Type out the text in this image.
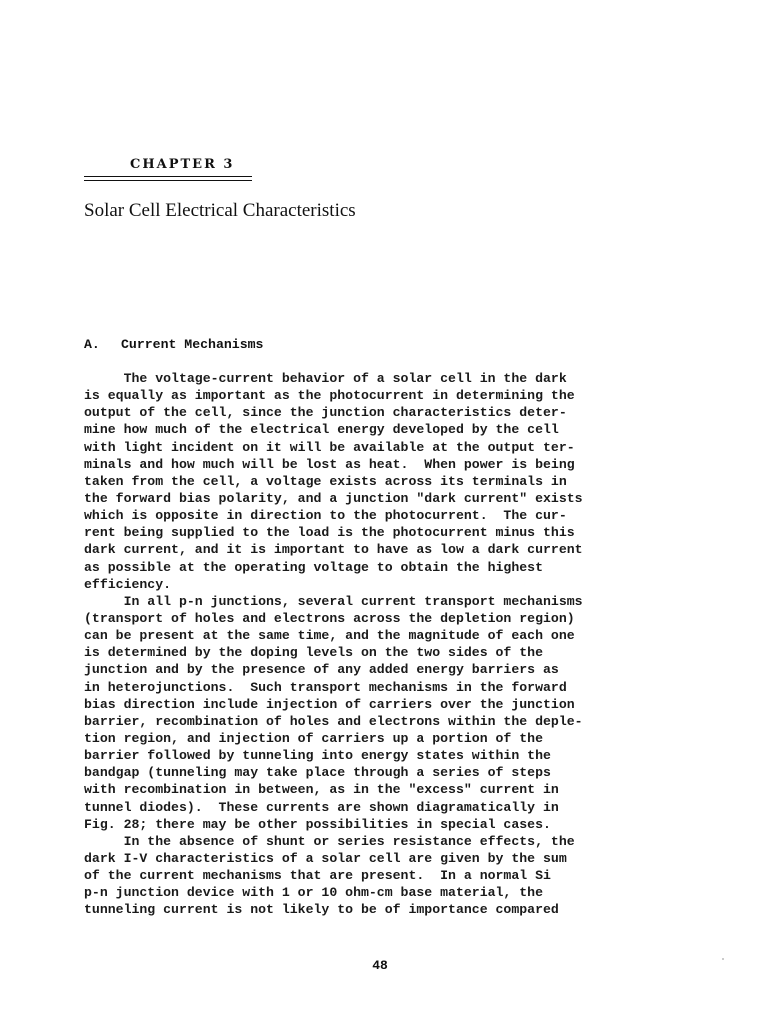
CHAPTER 3

Solar Cell Electrical Characteristics
A. Current Mechanisms
The voltage-current behavior of a solar cell in the dark
is equally as important as the photocurrent in determining the
output of the cell, since the junction characteristics deter-
mine how much of the electrical energy developed by the cell
with light incident on it will be available at the output ter-
minals and how much will be lost as heat.  When power is being
taken from the cell, a voltage exists across its terminals in
the forward bias polarity, and a junction "dark current" exists
which is opposite in direction to the photocurrent.  The cur-
rent being supplied to the load is the photocurrent minus this
dark current, and it is important to have as low a dark current
as possible at the operating voltage to obtain the highest
efficiency.
In all p-n junctions, several current transport mechanisms
(transport of holes and electrons across the depletion region)
can be present at the same time, and the magnitude of each one
is determined by the doping levels on the two sides of the
junction and by the presence of any added energy barriers as
in heterojunctions.  Such transport mechanisms in the forward
bias direction include injection of carriers over the junction
barrier, recombination of holes and electrons within the deple-
tion region, and injection of carriers up a portion of the
barrier followed by tunneling into energy states within the
bandgap (tunneling may take place through a series of steps
with recombination in between, as in the "excess" current in
tunnel diodes).  These currents are shown diagramatically in
Fig. 28; there may be other possibilities in special cases.
In the absence of shunt or series resistance effects, the
dark I-V characteristics of a solar cell are given by the sum
of the current mechanisms that are present.  In a normal Si
p-n junction device with 1 or 10 ohm-cm base material, the
tunneling current is not likely to be of importance compared

48
